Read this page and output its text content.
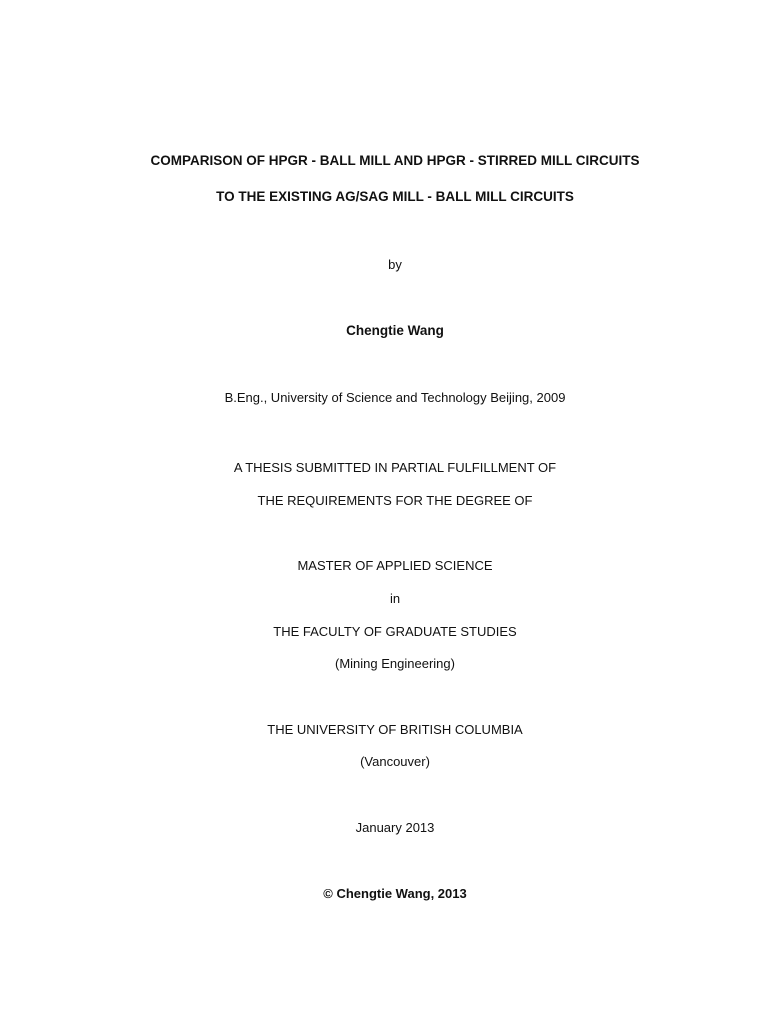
COMPARISON OF HPGR - BALL MILL AND HPGR - STIRRED MILL CIRCUITS
TO THE EXISTING AG/SAG MILL - BALL MILL CIRCUITS
by
Chengtie Wang
B.Eng., University of Science and Technology Beijing, 2009
A THESIS SUBMITTED IN PARTIAL FULFILLMENT OF
THE REQUIREMENTS FOR THE DEGREE OF
MASTER OF APPLIED SCIENCE
in
THE FACULTY OF GRADUATE STUDIES
(Mining Engineering)
THE UNIVERSITY OF BRITISH COLUMBIA
(Vancouver)
January 2013
© Chengtie Wang, 2013
